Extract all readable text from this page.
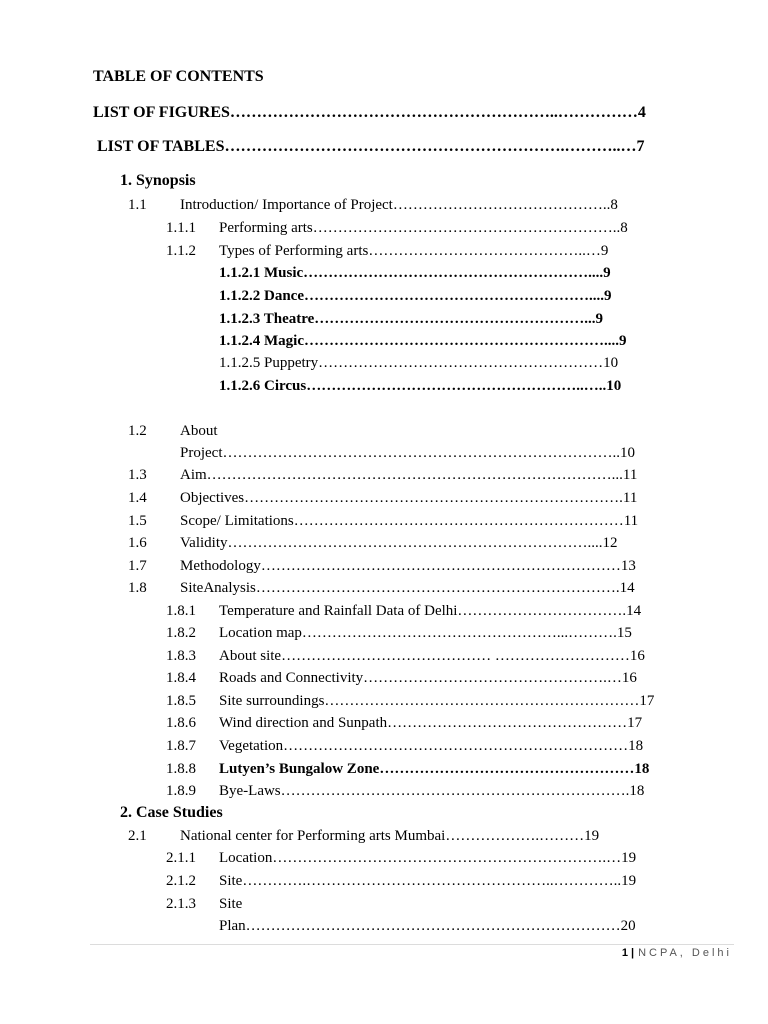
TABLE OF CONTENTS
LIST OF FIGURES……………………………………………………..……………4
LIST OF TABLES……………………………………………………….………..…7
1. Synopsis
1.1 Introduction/ Importance of Project……………………………………..8
1.1.1 Performing arts……………………………………………………..8
1.1.2 Types of Performing arts……………………………………..…9
1.1.2.1 Music…………………………………………………....9
1.1.2.2 Dance…………………………………………………....9
1.1.2.3 Theatre………………………………………………...9
1.1.2.4 Magic……………………………………………………....9
1.1.2.5 Puppetry…………………………………………………10
1.1.2.6 Circus………………………………………………..…..10
1.2 About
Project……………………………………………………………………..10
1.3 Aim………………………………………………………………………...11
1.4 Objectives………………………………………………………………….11
1.5 Scope/ Limitations…………………………………………………………11
1.6 Validity………………………………………………………………....12
1.7 Methodology………………………………………………………………13
1.8 SiteAnalysis……………………………………………………………….14
1.8.1 Temperature and Rainfall Data of Delhi…………………………….14
1.8.2 Location map……………………………………………...……….15
1.8.3 About site…………………………………… ………………………16
1.8.4 Roads and Connectivity………………………………………….…16
1.8.5 Site surroundings………………………………………………………17
1.8.6 Wind direction and Sunpath…………………………………………17
1.8.7 Vegetation……………………………………………………………18
1.8.8 Lutyen’s Bungalow Zone……………………………………………18
1.8.9 Bye-Laws…………………………………………………………….18
2. Case Studies
2.1 National center for Performing arts Mumbai……………….………19
2.1.1 Location………………………………………………………….…19
2.1.2 Site………….…………………………………………..…………..19
2.1.3 Site
Plan…………………………………………………………………20
1 | NCPA, Delhi
